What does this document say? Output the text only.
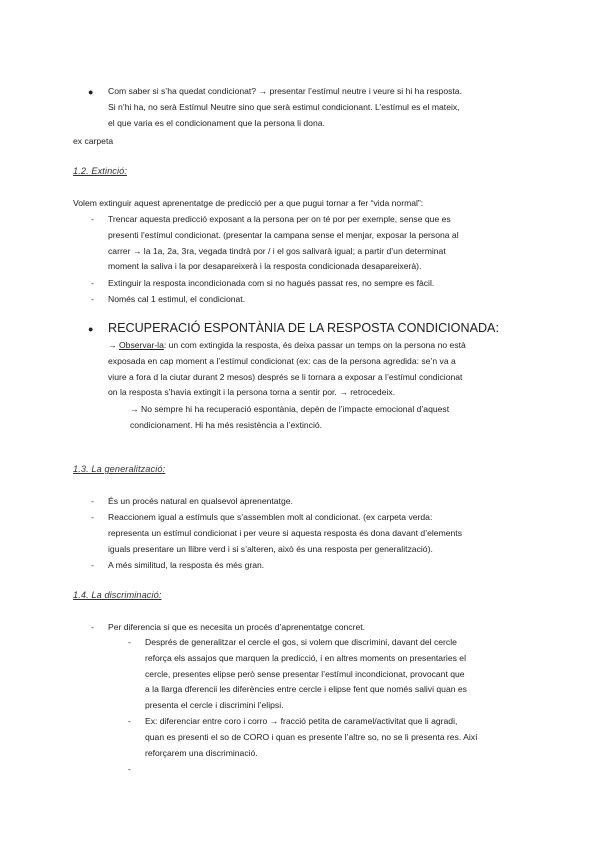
● Com saber si s’ha quedat condicionat? → presentar l’estímul neutre i veure si hi ha resposta.
Si n’hi ha, no serà Estímul Neutre sino que serà estimul condicionant. L’estímul es el mateix,
el que varia es el condicionament que la persona li dona.
ex carpeta
1.2. Extinció:
Volem extinguir aquest aprenentatge de predicció per a que pugui tornar a fer “vida normal”:
- Trencar aquesta predicció exposant a la persona per on té por per exemple, sense que es
presenti l’estímul condicionat. (presentar la campana sense el menjar, exposar la persona al
carrer → la 1a, 2a, 3ra, vegada tindrà por / i el gos salivarà igual; a partir d’un determinat
moment la saliva i la por desapareixerà i la resposta condicionada desapareixerà).
- Extinguir la resposta incondicionada com si no hagués passat res, no sempre es fàcil.
- Només cal 1 estimul, el condicionat.
● RECUPERACIÓ ESPONTÀNIA DE LA RESPOSTA CONDICIONADA:
→ Observar-la: un com extingida la resposta, és deixa passar un temps on la persona no està
exposada en cap moment a l’estímul condicionat (ex: cas de la persona agredida: se’n va a
viure a fora d la ciutar durant 2 mesos) després se li tornara a exposar a l’estímul condicionat
on la resposta s’havia extingit i la persona torna a sentir por. → retrocedeix.
→ No sempre hi ha recuperació espontània, depèn de l’impacte emocional d’aquest
condicionament. Hi ha més resistència a l’extinció.
1.3. La generalització:
- És un procés natural en qualsevol aprenentatge.
- Reaccionem igual a estímuls que s’assemblen molt al condicionat. (ex carpeta verda:
representa un estímul condicionat i per veure si aquesta resposta és dona davant d’elements
iguals presentare un llibre verd i si s’alteren, això és una resposta per generalització).
- A més similitud, la resposta és més gran.
1.4. La discriminació:
- Per diferencia si que es necesita un procés d’aprenentatge concret.
- Després de generalitzar el cercle el gos, si volem que discrimini, davant del cercle
reforça els assajos que marquen la predicció, i en altres moments on presentaries el
cercle, presentes elipse però sense presentar l’estímul incondicionat, provocant que
a la llarga dferencii les diferències entre cercle i elipse fent que només salivi quan es
presenta el cercle i discrimini l’elipsi.
- Ex: diferenciar entre coro i corro → fracció petita de caramel/activitat que li agradi,
quan es presenti el so de CORO i quan es presente l’altre so, no se li presenta res. Així
reforçarem una discriminació.
-
